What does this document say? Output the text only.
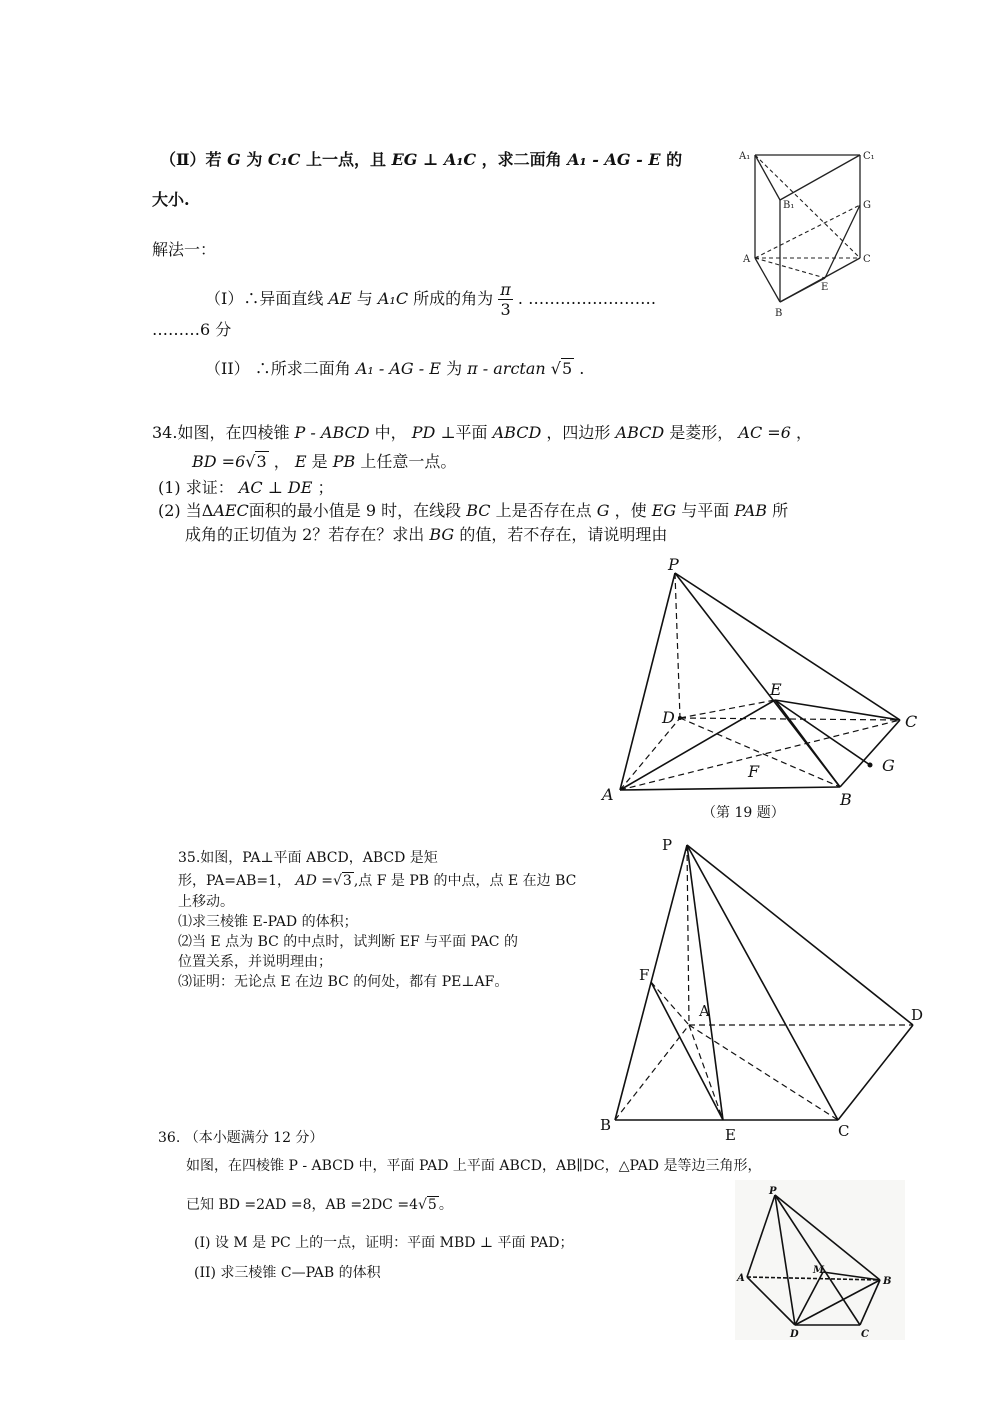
（Ⅱ）若 G 为 C₁C 上一点，且 EG ⊥ A₁C ，求二面角 A₁ - AG - E 的
大小.
解法一：
（Ⅰ）∴异面直线 AE 与 A₁C 所成的角为 $\frac{\pi}{3}$ . ……………………
………6 分
（II） ∴所求二面角 A₁ - AG - E 为 π - arctan √5 .
A₁	C₁
B₁	G
A	C
E
B
34.如图，在四棱锥 P - ABCD 中， PD ⊥平面 ABCD ，四边形 ABCD 是菱形， AC =6 ，
BD =6√3 ， E 是 PB 上任意一点。
(1) 求证： AC ⊥ DE ；
(2) 当ΔAEC面积的最小值是 9 时，在线段 BC 上是否存在点 G ，使 EG 与平面 PAB 所
成角的正切值为 2？若存在？求出 BG 的值，若不存在，请说明理由
P
E
D	C
F	G
A	B
（第 19 题）
35.如图，PA⊥平面 ABCD，ABCD 是矩
形，PA=AB=1， AD =√3 ,点 F 是 PB 的中点，点 E 在边 BC
上移动。
⑴求三棱锥 E-PAD 的体积；
⑵当 E 点为 BC 的中点时，试判断 EF 与平面 PAC 的
位置关系，并说明理由；
⑶证明：无论点 E 在边 BC 的何处，都有 PE⊥AF。
P
F
A	D
B
E	C
36. （本小题满分 12 分）
如图，在四棱锥 P - ABCD 中，平面 PAD 上平面 ABCD，AB∥DC，△PAD 是等边三角形，
已知 BD =2AD =8，AB =2DC =4√5 。
(I) 设 M 是 PC 上的一点，证明：平面 MBD ⊥ 平面 PAD；
(II) 求三棱锥 C—PAB 的体积
P
A
M
B
D	C
